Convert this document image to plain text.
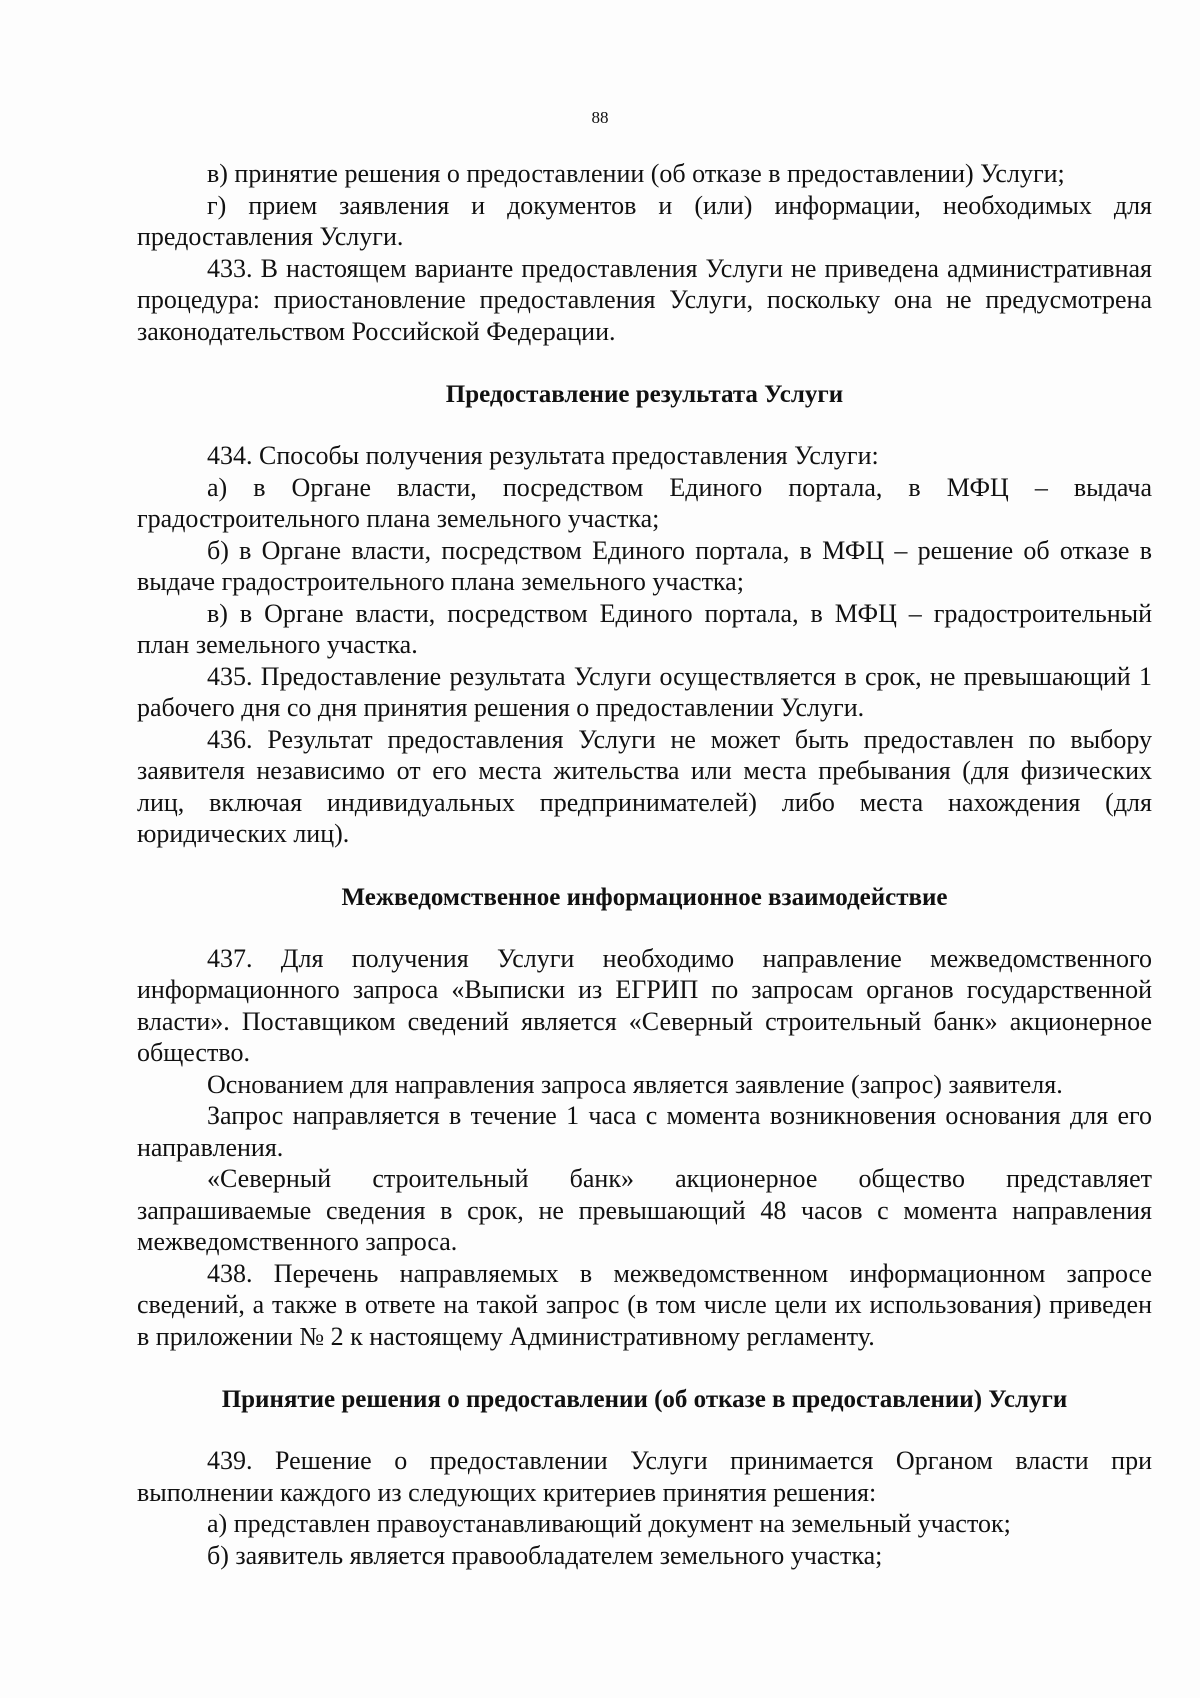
88

в) принятие решения о предоставлении (об отказе в предоставлении) Услуги;

г) прием заявления и документов и (или) информации, необходимых для предоставления Услуги.

433. В настоящем варианте предоставления Услуги не приведена административная процедура: приостановление предоставления Услуги, поскольку она не предусмотрена законодательством Российской Федерации.

Предоставление результата Услуги

434. Способы получения результата предоставления Услуги:

а) в Органе власти, посредством Единого портала, в МФЦ – выдача градостроительного плана земельного участка;

б) в Органе власти, посредством Единого портала, в МФЦ – решение об отказе в выдаче градостроительного плана земельного участка;

в) в Органе власти, посредством Единого портала, в МФЦ – градостроительный план земельного участка.

435. Предоставление результата Услуги осуществляется в срок, не превышающий 1 рабочего дня со дня принятия решения о предоставлении Услуги.

436. Результат предоставления Услуги не может быть предоставлен по выбору заявителя независимо от его места жительства или места пребывания (для физических лиц, включая индивидуальных предпринимателей) либо места нахождения (для юридических лиц).

Межведомственное информационное взаимодействие

437. Для получения Услуги необходимо направление межведомственного информационного запроса «Выписки из ЕГРИП по запросам органов государственной власти». Поставщиком сведений является «Северный строительный банк» акционерное общество.

Основанием для направления запроса является заявление (запрос) заявителя.

Запрос направляется в течение 1 часа с момента возникновения основания для его направления.

«Северный строительный банк» акционерное общество представляет запрашиваемые сведения в срок, не превышающий 48 часов с момента направления межведомственного запроса.

438. Перечень направляемых в межведомственном информационном запросе сведений, а также в ответе на такой запрос (в том числе цели их использования) приведен в приложении № 2 к настоящему Административному регламенту.

Принятие решения о предоставлении (об отказе в предоставлении) Услуги

439. Решение о предоставлении Услуги принимается Органом власти при выполнении каждого из следующих критериев принятия решения:

а) представлен правоустанавливающий документ на земельный участок;

б) заявитель является правообладателем земельного участка;
